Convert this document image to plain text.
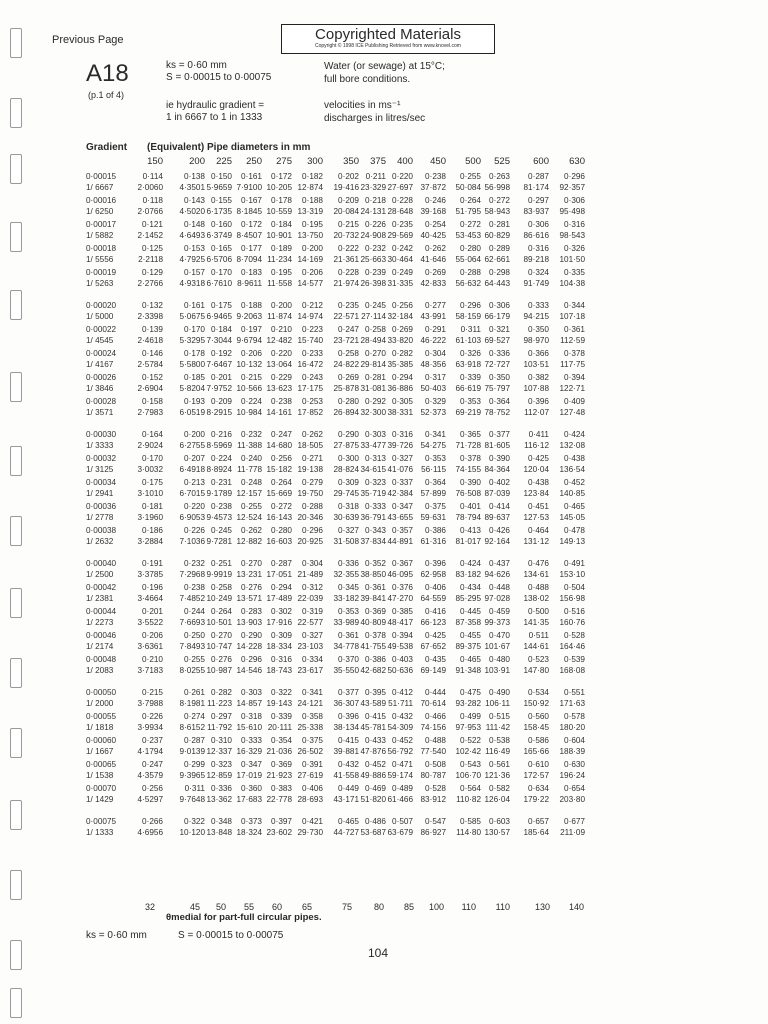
Previous Page	Copyrighted Materials
Copyright © 1998 ICE Publishing Retrieved from www.knovel.com
A18
(p.1 of 4)
ks = 0·60 mm
S = 0·00015 to 0·00075
Water (or sewage) at 15°C;
full bore conditions.
ie hydraulic gradient =
1 in 6667 to 1 in 1333
velocities in ms⁻¹
discharges in litres/sec
Gradient (Equivalent) Pipe diameters in mm
150	200 225 250 275 300 350 375 400 450 500 525 600 630
0·00015	0·114	0·138 0·150 0·161 0·172 0·182 0·202 0·211 0·220 0·238 0·255 0·263 0·287 0·296
1/ 6667	2·0060 4·3501 5·9659 7·9100 10·205 12·874 19·416 23·329 27·697 37·872 50·084 56·998 81·174 92·357
0·00016	0·118	0·143 0·155 0·167 0·178 0·188 0·209 0·218 0·228 0·246 0·264 0·272 0·297 0·306
1/ 6250	2·0766 4·5020 6·1735 8·1845 10·559 13·319 20·084 24·131 28·648 39·168 51·795 58·943 83·937 95·498
0·00017	0·121	0·148 0·160 0·172 0·184 0·195 0·215 0·226 0·235 0·254 0·272 0·281 0·306 0·316
1/ 5882	2·1452 4·6493 6·3749 8·4507 10·901 13·750 20·732 24·908 29·569 40·425 53·453 60·829 86·616 98·543
0·00018	0·125	0·153 0·165 0·177 0·189 0·200 0·222 0·232 0·242 0·262 0·280 0·289 0·316 0·326
1/ 5556	2·2118 4·7925 6·5706 8·7094 11·234 14·169 21·361 25·663 30·464 41·646 55·064 62·661 89·218 101·50
0·00019	0·129	0·157 0·170 0·183 0·195 0·206 0·228 0·239 0·249 0·269 0·288 0·298 0·324 0·335
1/ 5263	2·2766 4·9318 6·7610 8·9611 11·558 14·577 21·974 26·398 31·335 42·833 56·632 64·443 91·749 104·38
0·00020	0·132	0·161 0·175 0·188 0·200 0·212 0·235 0·245 0·256 0·277 0·296 0·306 0·333 0·344
1/ 5000	2·3398 5·0675 6·9465 9·2063 11·874 14·974 22·571 27·114 32·184 43·991 58·159 66·179 94·215 107·18
0·00022	0·139	0·170 0·184 0·197 0·210 0·223 0·247 0·258 0·269 0·291 0·311 0·321 0·350 0·361
1/ 4545	2·4618 5·3295 7·3044 9·6794 12·482 15·740 23·721 28·494 33·820 46·222 61·103 69·527 98·970 112·59
0·00024	0·146	0·178 0·192 0·206 0·220 0·233 0·258 0·270 0·282 0·304 0·326 0·336 0·366 0·378
1/ 4167	2·5784 5·5800 7·6467 10·132 13·064 16·472 24·822 29·814 35·385 48·356 63·918 72·727 103·51 117·75
0·00026	0·152	0·185 0·201 0·215 0·229 0·243 0·269 0·281 0·294 0·317 0·339 0·350 0·382 0·394
1/ 3846	2·6904 5·8204 7·9752 10·566 13·623 17·175 25·878 31·081 36·886 50·403 66·619 75·797 107·88 122·71
0·00028	0·158	0·193 0·209 0·224 0·238 0·253 0·280 0·292 0·305 0·329 0·353 0·364 0·396 0·409
1/ 3571	2·7983 6·0519 8·2915 10·984 14·161 17·852 26·894 32·300 38·331 52·373 69·219 78·752 112·07 127·48
0·00030	0·164	0·200 0·216 0·232 0·247 0·262 0·290 0·303 0·316 0·341 0·365 0·377 0·411 0·424
1/ 3333	2·9024 6·2755 8·5969 11·388 14·680 18·505 27·875 33·477 39·726 54·275 71·728 81·605 116·12 132·08
0·00032	0·170	0·207 0·224 0·240 0·256 0·271 0·300 0·313 0·327 0·353 0·378 0·390 0·425 0·438
1/ 3125	3·0032 6·4918 8·8924 11·778 15·182 19·138 28·824 34·615 41·076 56·115 74·155 84·364 120·04 136·54
0·00034	0·175	0·213 0·231 0·248 0·264 0·279 0·309 0·323 0·337 0·364 0·390 0·402 0·438 0·452
1/ 2941	3·1010 6·7015 9·1789 12·157 15·669 19·750 29·745 35·719 42·384 57·899 76·508 87·039 123·84 140·85
0·00036	0·181	0·220 0·238 0·255 0·272 0·288 0·318 0·333 0·347 0·375 0·401 0·414 0·451 0·465
1/ 2778	3·1960 6·9053 9·4573 12·524 16·143 20·346 30·639 36·791 43·655 59·631 78·794 89·637 127·53 145·05
0·00038	0·186	0·226 0·245 0·262 0·280 0·296 0·327 0·343 0·357 0·386 0·413 0·426 0·464 0·478
1/ 2632	3·2884 7·1036 9·7281 12·882 16·603 20·925 31·508 37·834 44·891 61·316 81·017 92·164 131·12 149·13
0·00040	0·191	0·232 0·251 0·270 0·287 0·304 0·336 0·352 0·367 0·396 0·424 0·437 0·476 0·491
1/ 2500	3·3785 7·2968 9·9919 13·231 17·051 21·489 32·355 38·850 46·095 62·958 83·182 94·626 134·61 153·10
0·00042	0·196	0·238 0·258 0·276 0·294 0·312 0·345 0·361 0·376 0·406 0·434 0·448 0·488 0·504
1/ 2381	3·4664 7·4852 10·249 13·571 17·489 22·039 33·182 39·841 47·270 64·559 85·295 97·028 138·02 156·98
0·00044	0·201	0·244 0·264 0·283 0·302 0·319 0·353 0·369 0·385 0·416 0·445 0·459 0·500 0·516
1/ 2273	3·5522 7·6693 10·501 13·903 17·916 22·577 33·989 40·809 48·417 66·123 87·358 99·373 141·35 160·76
0·00046	0·206	0·250 0·270 0·290 0·309 0·327 0·361 0·378 0·394 0·425 0·455 0·470 0·511 0·528
1/ 2174	3·6361 7·8493 10·747 14·228 18·334 23·103 34·778 41·755 49·538 67·652 89·375 101·67 144·61 164·46
0·00048	0·210	0·255 0·276 0·296 0·316 0·334 0·370 0·386 0·403 0·435 0·465 0·480 0·523 0·539
1/ 2083	3·7183 8·0255 10·987 14·546 18·743 23·617 35·550 42·682 50·636 69·149 91·348 103·91 147·80 168·08
0·00050	0·215	0·261 0·282 0·303 0·322 0·341 0·377 0·395 0·412 0·444 0·475 0·490 0·534 0·551
1/ 2000	3·7988 8·1981 11·223 14·857 19·143 24·121 36·307 43·589 51·711 70·614 93·282 106·11 150·92 171·63
0·00055	0·226	0·274 0·297 0·318 0·339 0·358 0·396 0·415 0·432 0·466 0·499 0·515 0·560 0·578
1/ 1818	3·9934 8·6152 11·792 15·610 20·111 25·338 38·134 45·781 54·309 74·156 97·953 111·42 158·45 180·20
0·00060	0·237	0·287 0·310 0·333 0·354 0·375 0·415 0·433 0·452 0·488 0·522 0·538 0·586 0·604
1/ 1667	4·1794 9·0139 12·337 16·329 21·036 26·502 39·881 47·876 56·792 77·540 102·42 116·49 165·66 188·39
0·00065	0·247	0·299 0·323 0·347 0·369 0·391 0·432 0·452 0·471 0·508 0·543 0·561 0·610 0·630
1/ 1538	4·3579 9·3965 12·859 17·019 21·923 27·619 41·558 49·886 59·174 80·787 106·70 121·36 172·57 196·24
0·00070	0·256	0·311 0·336 0·360 0·383 0·406 0·449 0·469 0·489 0·528 0·564 0·582 0·634 0·654
1/ 1429	4·5297 9·7648 13·362 17·683 22·778 28·693 43·171 51·820 61·466 83·912 110·82 126·04 179·22 203·80
0·00075	0·266	0·322 0·348 0·373 0·397 0·421 0·465 0·486 0·507 0·547 0·585 0·603 0·657 0·677
1/ 1333	4·6956 10·120 13·848 18·324 23·602 29·730 44·727 53·687 63·679 86·927 114·80 130·57 185·64 211·09
32	45 50 55 60 65	75 80 85 100 110 110	130 140
θmedial for part-full circular pipes.
ks = 0·60 mm	S = 0·00015 to 0·00075
104
